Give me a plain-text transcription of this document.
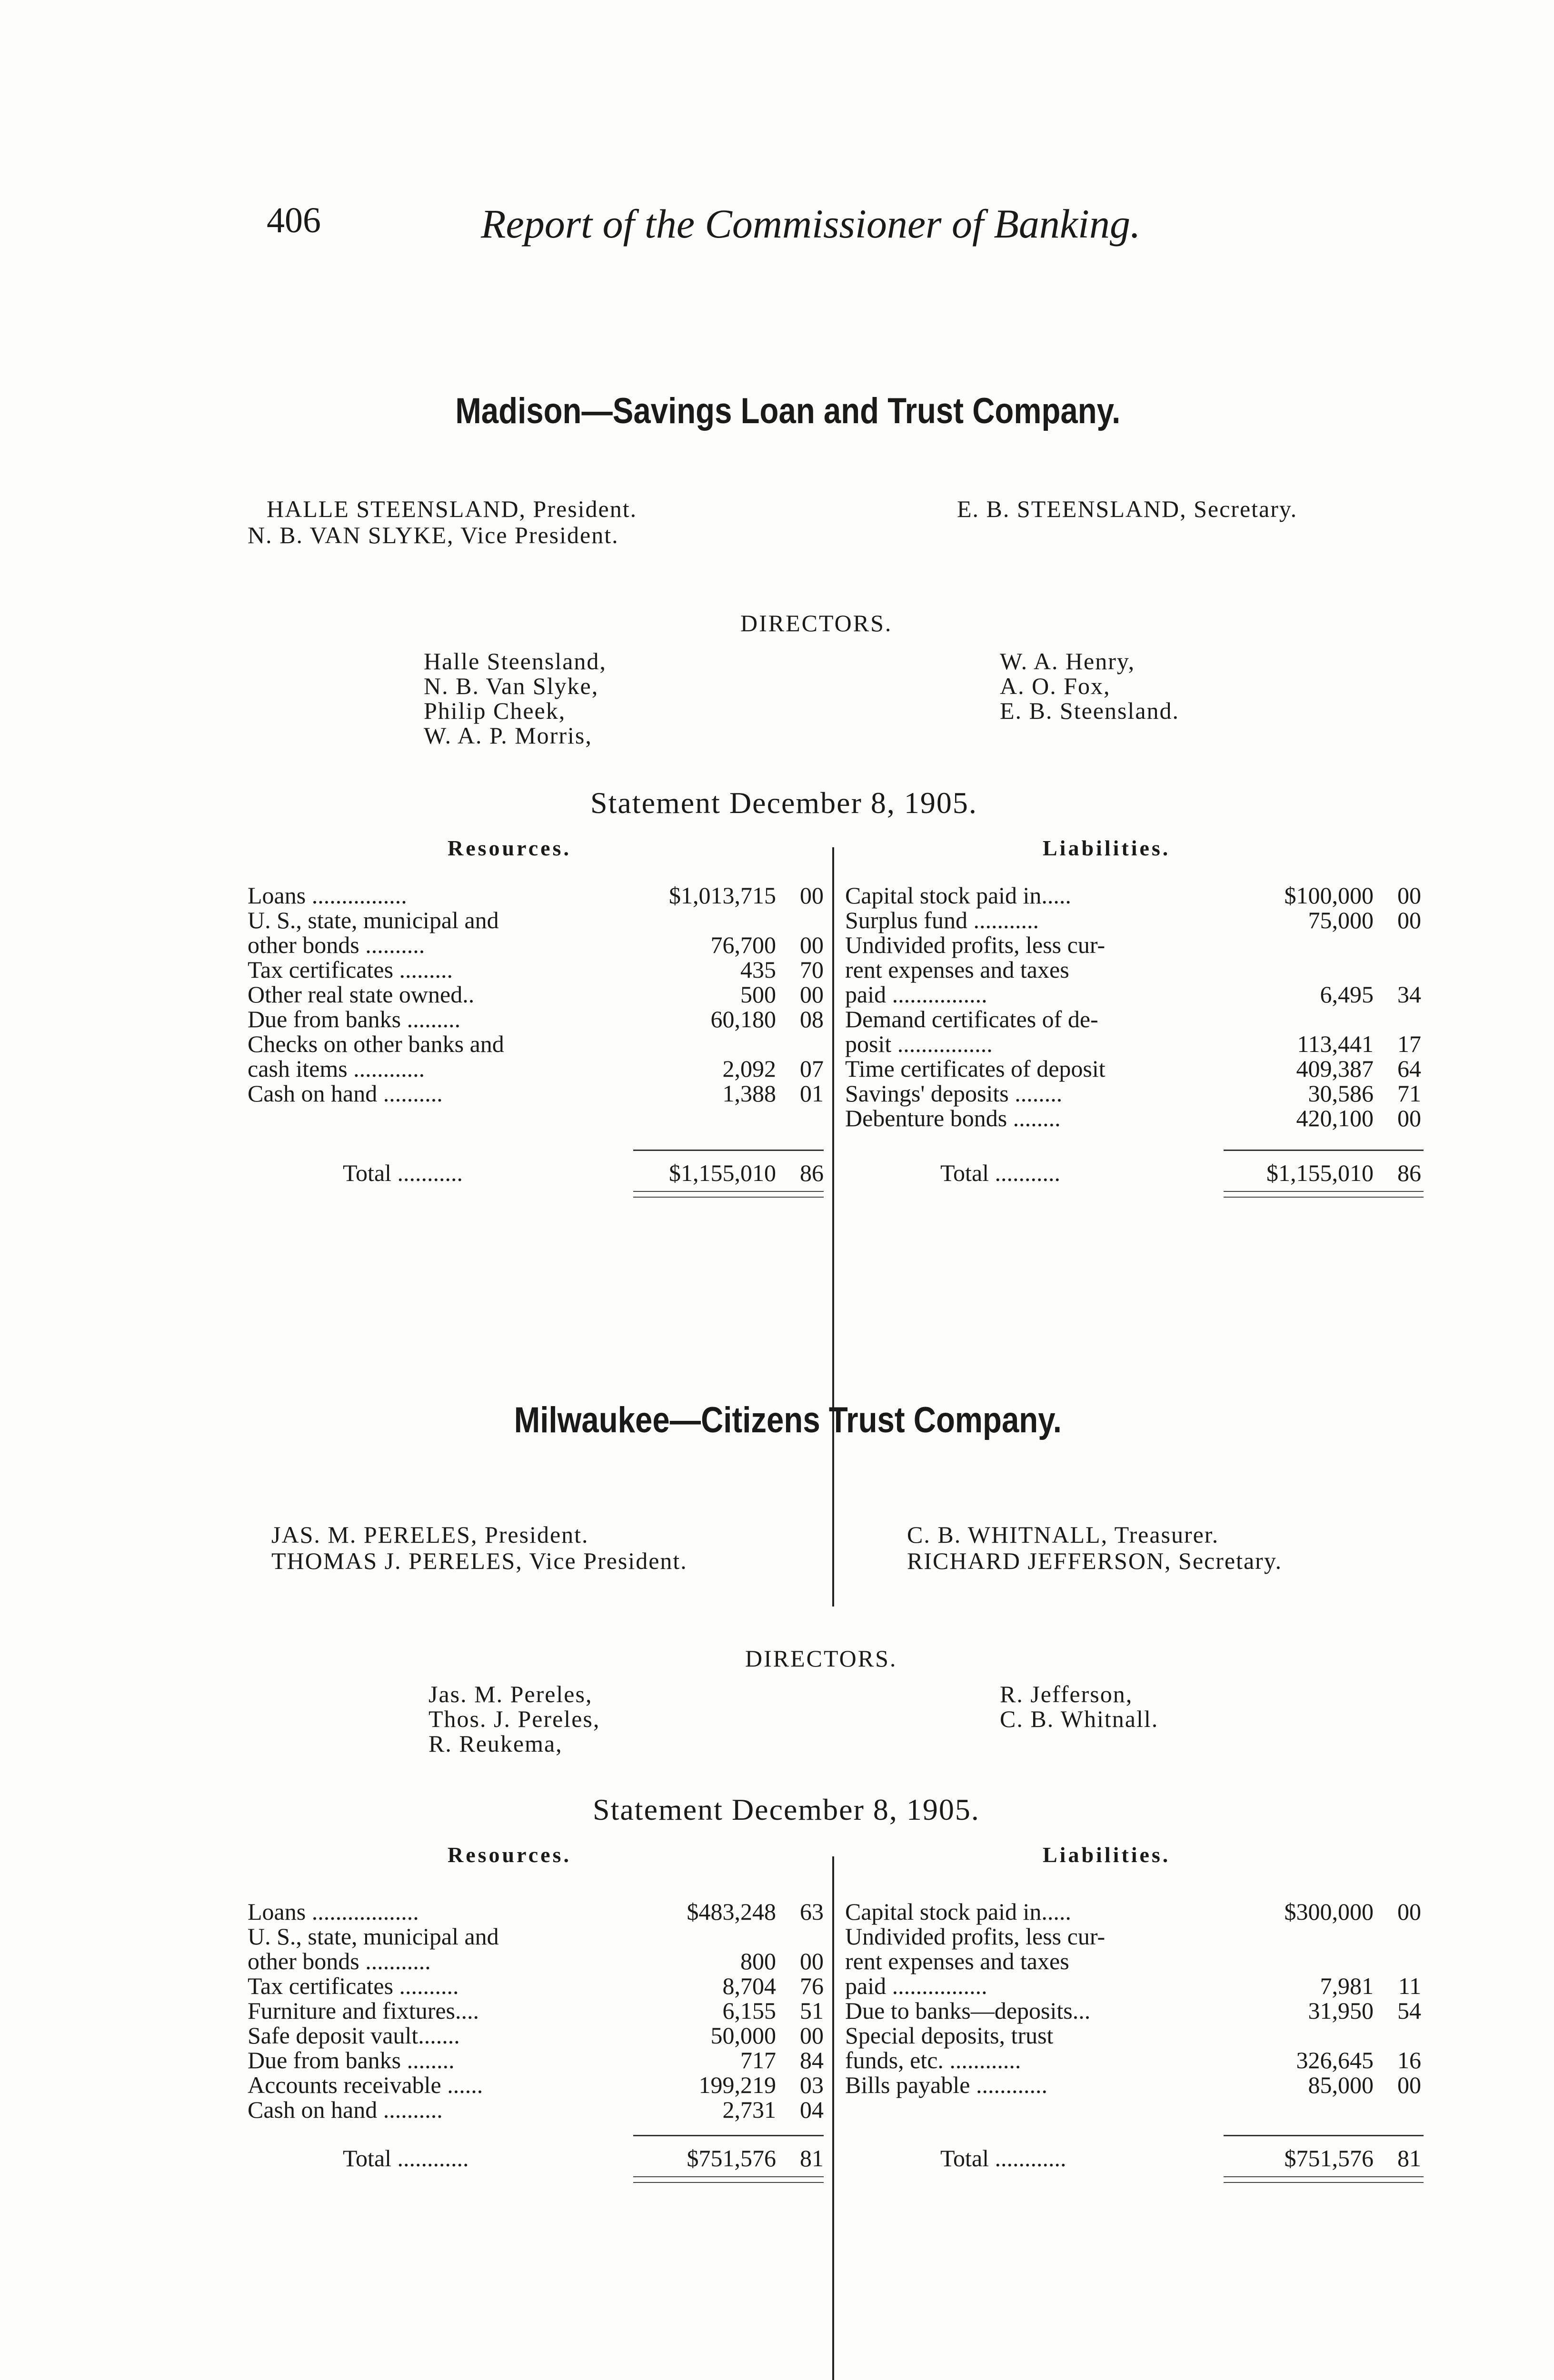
406	Report of the Commissioner of Banking.
Madison—Savings Loan and Trust Company.
HALLE STEENSLAND, President.
N. B. VAN SLYKE, Vice President.
E. B. STEENSLAND, Secretary.
DIRECTORS.
Halle Steensland,
N. B. Van Slyke,
Philip Cheek,
W. A. P. Morris,
W. A. Henry,
A. O. Fox,
E. B. Steensland.
Statement December 8, 1905.
Resources.	Liabilities.
Loans ................	$1,013,715	00
U. S., state, municipal and
other bonds ..........	76,700	00
Tax certificates .........	435	70
Other real state owned..	500	00
Due from banks .........	60,180	08
Checks on other banks and
cash items ............	2,092	07
Cash on hand ..........	1,388	01
Total ...........	$1,155,010	86
Capital stock paid in.....	$100,000	00
Surplus fund ...........	75,000	00
Undivided profits, less cur-
rent expenses and taxes
paid ................	6,495	34
Demand certificates of de-
posit ................	113,441	17
Time certificates of deposit	409,387	64
Savings' deposits ........	30,586	71
Debenture bonds ........	420,100	00
Total ...........	$1,155,010	86
Milwaukee—Citizens Trust Company.
JAS. M. PERELES, President.
THOMAS J. PERELES, Vice President.
C. B. WHITNALL, Treasurer.
RICHARD JEFFERSON, Secretary.
DIRECTORS.
Jas. M. Pereles,
Thos. J. Pereles,
R. Reukema,
R. Jefferson,
C. B. Whitnall.
Statement December 8, 1905.
Resources.	Liabilities.
Loans ..................	$483,248	63
U. S., state, municipal and
other bonds ...........	800	00
Tax certificates ..........	8,704	76
Furniture and fixtures....	6,155	51
Safe deposit vault.......	50,000	00
Due from banks ........	717	84
Accounts receivable ......	199,219	03
Cash on hand ..........	2,731	04
Total ............	$751,576	81
Capital stock paid in.....	$300,000	00
Undivided profits, less cur-
rent expenses and taxes
paid ................	7,981	11
Due to banks—deposits...	31,950	54
Special deposits, trust
funds, etc. ............	326,645	16
Bills payable ............	85,000	00
Total ............	$751,576	81
